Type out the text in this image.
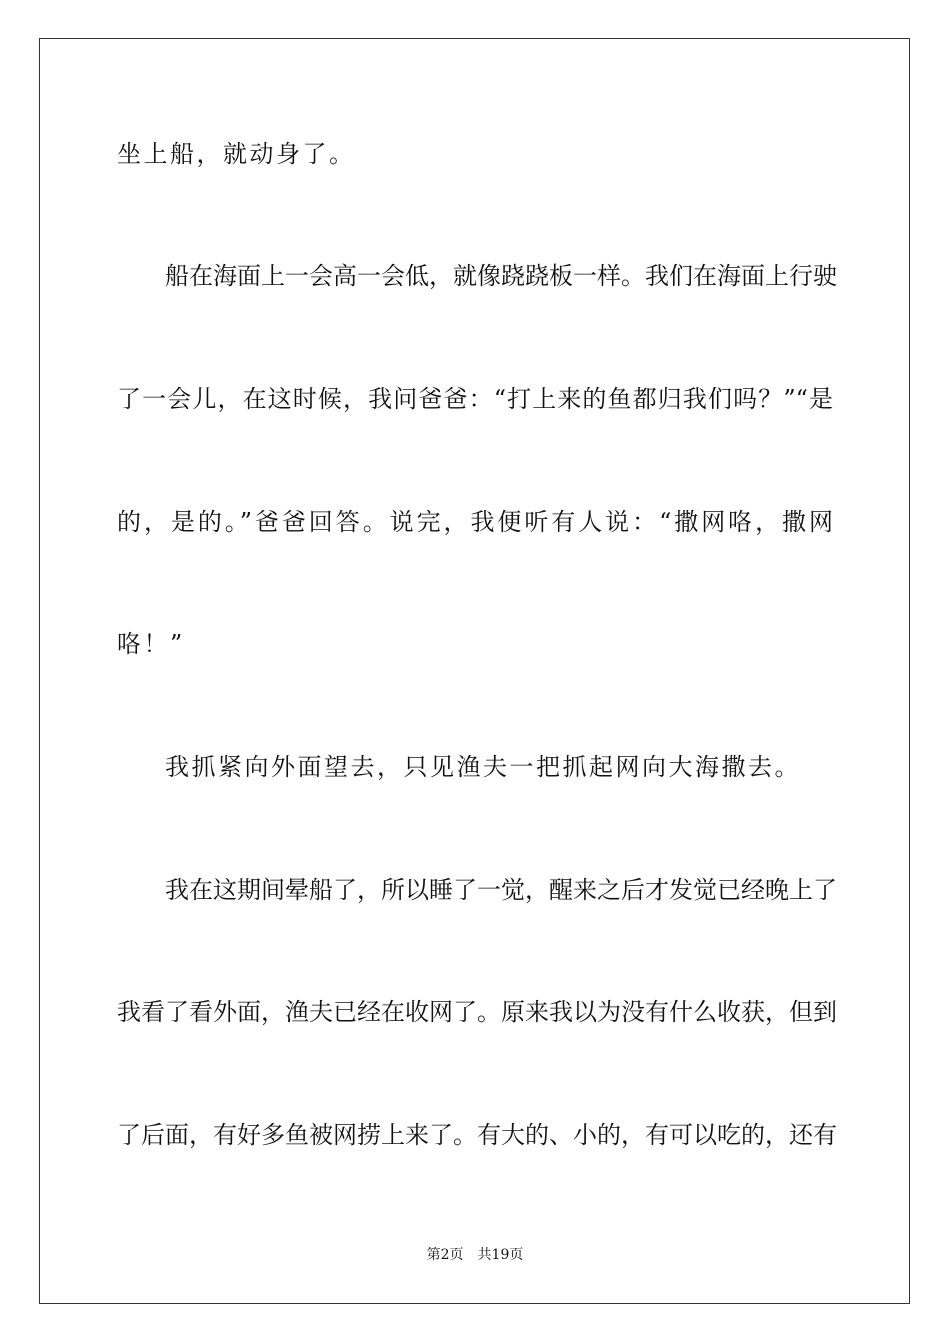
坐上船，就动身了。
船在海面上一会高一会低，就像跷跷板一样。我们在海面上行驶
了一会儿，在这时候，我问爸爸：“打上来的鱼都归我们吗？”“是
的，是的。”爸爸回答。说完，我便听有人说：“撒网咯，撒网
咯！”
我抓紧向外面望去，只见渔夫一把抓起网向大海撒去。
我在这期间晕船了，所以睡了一觉，醒来之后才发觉已经晚上了
我看了看外面，渔夫已经在收网了。原来我以为没有什么收获，但到
了后面，有好多鱼被网捞上来了。有大的、小的，有可以吃的，还有
第2页 共19页
